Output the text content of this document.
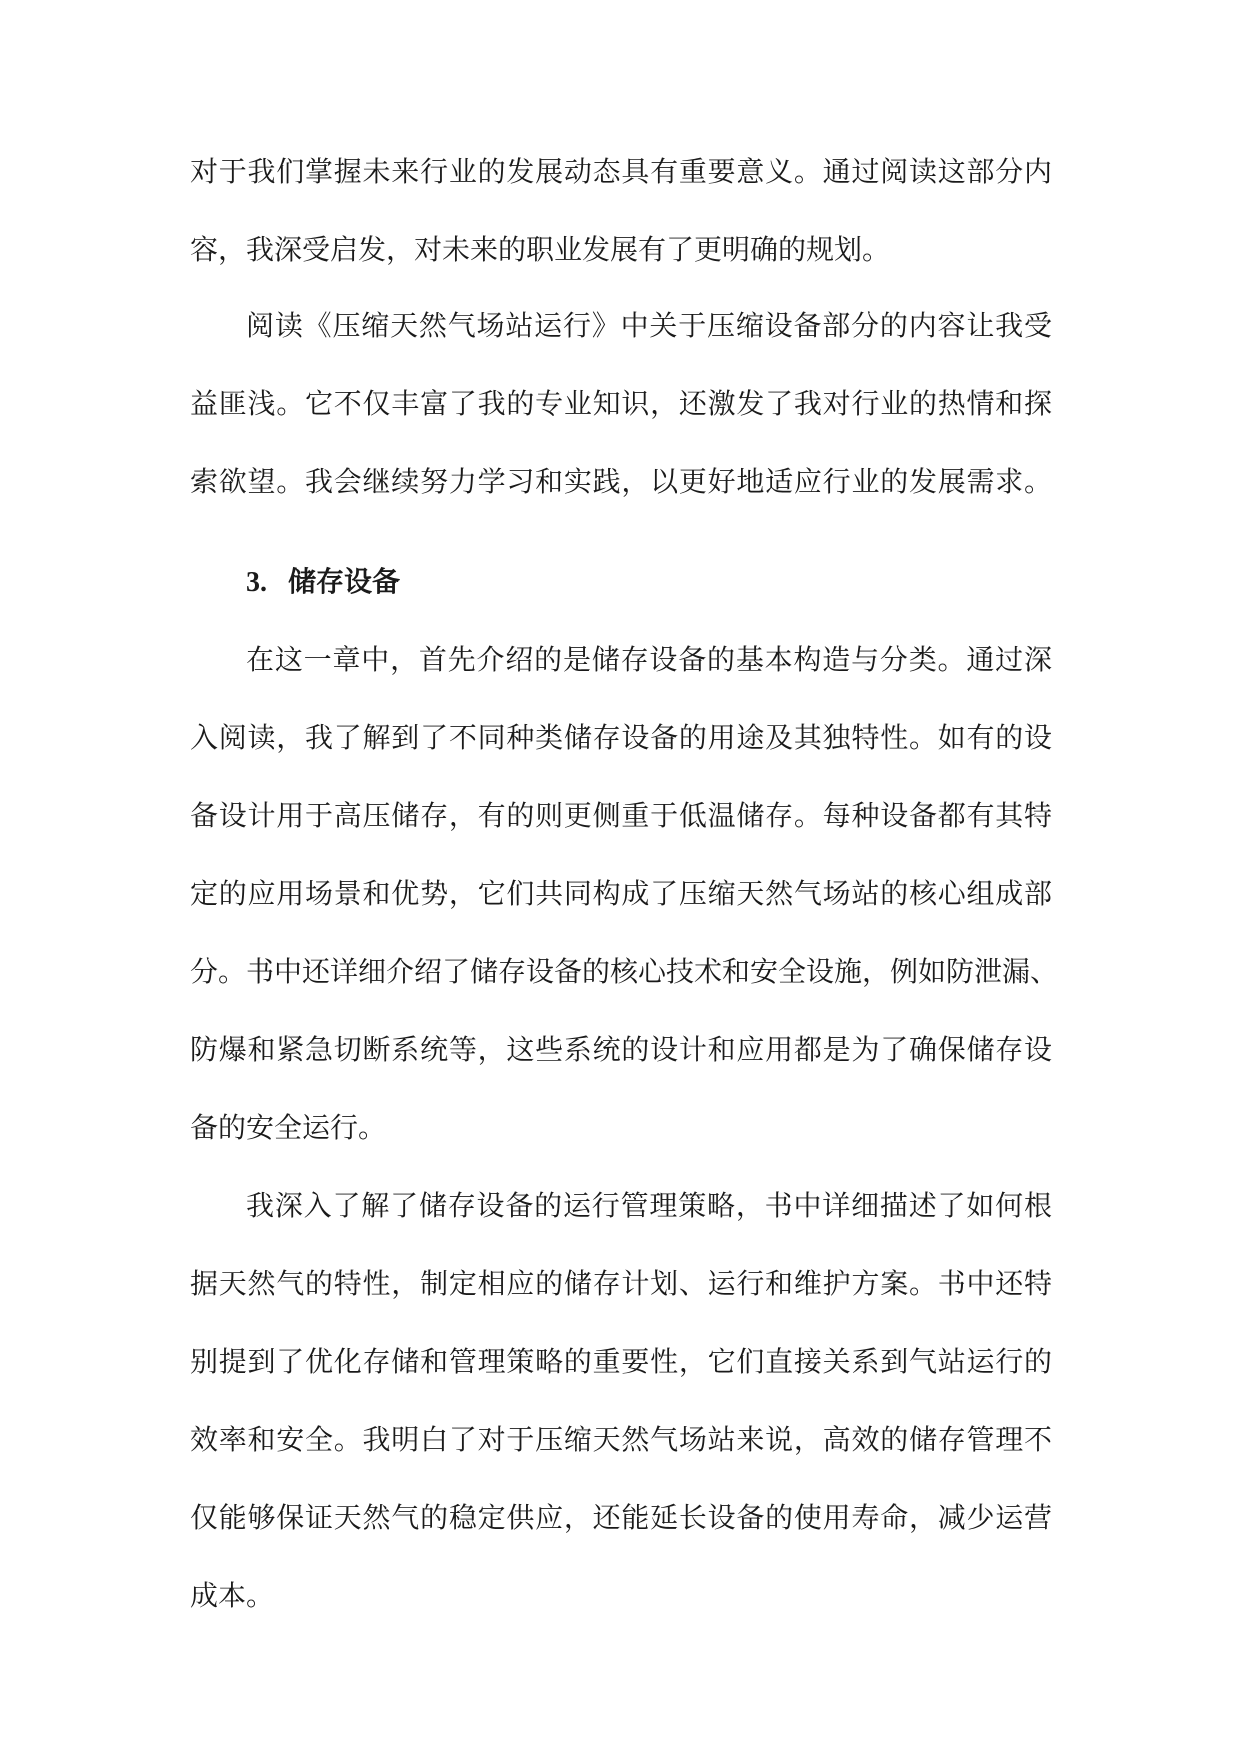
对于我们掌握未来行业的发展动态具有重要意义。通过阅读这部分内
容，我深受启发，对未来的职业发展有了更明确的规划。
阅读《压缩天然气场站运行》中关于压缩设备部分的内容让我受
益匪浅。它不仅丰富了我的专业知识，还激发了我对行业的热情和探
索欲望。我会继续努力学习和实践，以更好地适应行业的发展需求。
3. 储存设备
在这一章中，首先介绍的是储存设备的基本构造与分类。通过深
入阅读，我了解到了不同种类储存设备的用途及其独特性。如有的设
备设计用于高压储存，有的则更侧重于低温储存。每种设备都有其特
定的应用场景和优势，它们共同构成了压缩天然气场站的核心组成部
分。书中还详细介绍了储存设备的核心技术和安全设施，例如防泄漏、
防爆和紧急切断系统等，这些系统的设计和应用都是为了确保储存设
备的安全运行。
我深入了解了储存设备的运行管理策略，书中详细描述了如何根
据天然气的特性，制定相应的储存计划、运行和维护方案。书中还特
别提到了优化存储和管理策略的重要性，它们直接关系到气站运行的
效率和安全。我明白了对于压缩天然气场站来说，高效的储存管理不
仅能够保证天然气的稳定供应，还能延长设备的使用寿命，减少运营
成本。
